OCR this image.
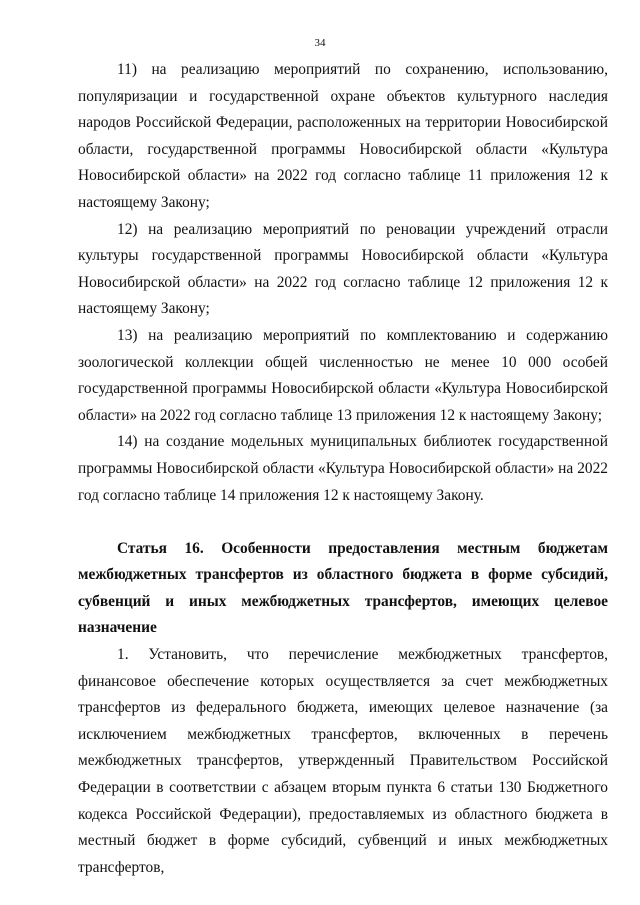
34

11) на реализацию мероприятий по сохранению, использованию, популяризации и государственной охране объектов культурного наследия народов Российской Федерации, расположенных на территории Новосибирской области, государственной программы Новосибирской области «Культура Новосибирской области» на 2022 год согласно таблице 11 приложения 12 к настоящему Закону;

12) на реализацию мероприятий по реновации учреждений отрасли культуры государственной программы Новосибирской области «Культура Новосибирской области» на 2022 год согласно таблице 12 приложения 12 к настоящему Закону;

13) на реализацию мероприятий по комплектованию и содержанию зоологической коллекции общей численностью не менее 10 000 особей государственной программы Новосибирской области «Культура Новосибирской области» на 2022 год согласно таблице 13 приложения 12 к настоящему Закону;

14) на создание модельных муниципальных библиотек государственной программы Новосибирской области «Культура Новосибирской области» на 2022 год согласно таблице 14 приложения 12 к настоящему Закону.

Статья 16. Особенности предоставления местным бюджетам межбюджетных трансфертов из областного бюджета в форме субсидий, субвенций и иных межбюджетных трансфертов, имеющих целевое назначение

1. Установить, что перечисление межбюджетных трансфертов, финансовое обеспечение которых осуществляется за счет межбюджетных трансфертов из федерального бюджета, имеющих целевое назначение (за исключением межбюджетных трансфертов, включенных в перечень межбюджетных трансфертов, утвержденный Правительством Российской Федерации в соответствии с абзацем вторым пункта 6 статьи 130 Бюджетного кодекса Российской Федерации), предоставляемых из областного бюджета в местный бюджет в форме субсидий, субвенций и иных межбюджетных трансфертов,
